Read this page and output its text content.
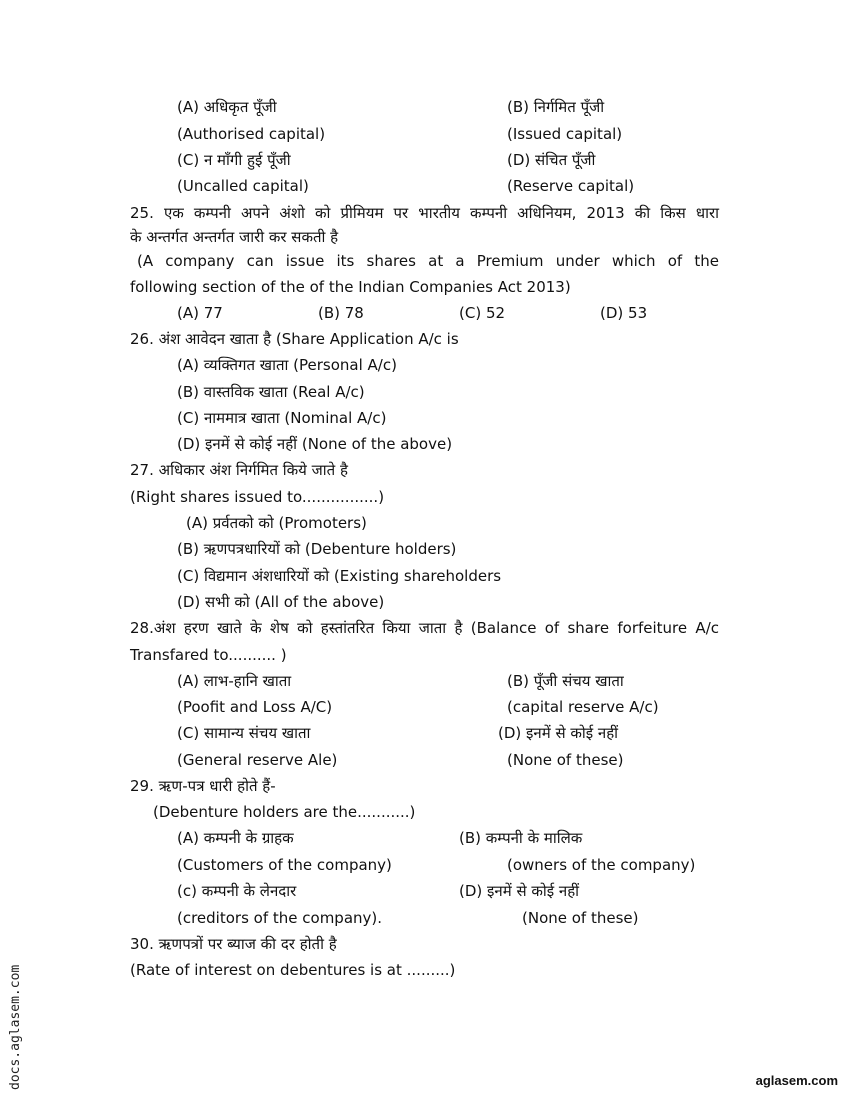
(A) अधिकृत पूँजी	(B) निर्गमित पूँजी
(Authorised capital)	(Issued capital)
(C) न माँगी हुई पूँजी	(D) संचित पूँजी
(Uncalled capital)	(Reserve capital)
25. एक कम्पनी अपने अंशो को प्रीमियम पर भारतीय कम्पनी अधिनियम, 2013 की किस धारा
के अन्तर्गत अन्तर्गत जारी कर सकती है
(A company can issue its shares at a Premium under which of the
following section of the of the Indian Companies Act 2013)
(A) 77	(B) 78	(C) 52	(D) 53
26. अंश आवेदन खाता है (Share Application A/c is
(A) व्यक्तिगत खाता (Personal A/c)
(B) वास्तविक खाता (Real A/c)
(C) नाममात्र खाता (Nominal A/c)
(D) इनमें से कोई नहीं (None of the above)
27. अधिकार अंश निर्गमित किये जाते है
(Right shares issued to................)
(A) प्रर्वतको को (Promoters)
(B) ऋणपत्रधारियों को (Debenture holders)
(C) विद्यमान अंशधारियों को (Existing shareholders
(D) सभी को (All of the above)
28.अंश हरण खाते के शेष को हस्तांतरित किया जाता है (Balance of share forfeiture A/c
Transfared to.......... )
(A) लाभ-हानि खाता	(B) पूँजी संचय खाता
(Poofit and Loss A/C)	(capital reserve A/c)
(C) सामान्य संचय खाता	(D) इनमें से कोई नहीं
(General reserve Ale)	(None of these)
29. ऋण-पत्र धारी होते हैं-
(Debenture holders are the...........)
(A) कम्पनी के ग्राहक	(B) कम्पनी के मालिक
(Customers of the company)	(owners of the company)
(c) कम्पनी के लेनदार	(D) इनमें से कोई नहीं
(creditors of the company).	(None of these)
30. ऋणपत्रों पर ब्याज की दर होती है
(Rate of interest on debentures is at .........)
docs.aglasem.com	aglasem.com
